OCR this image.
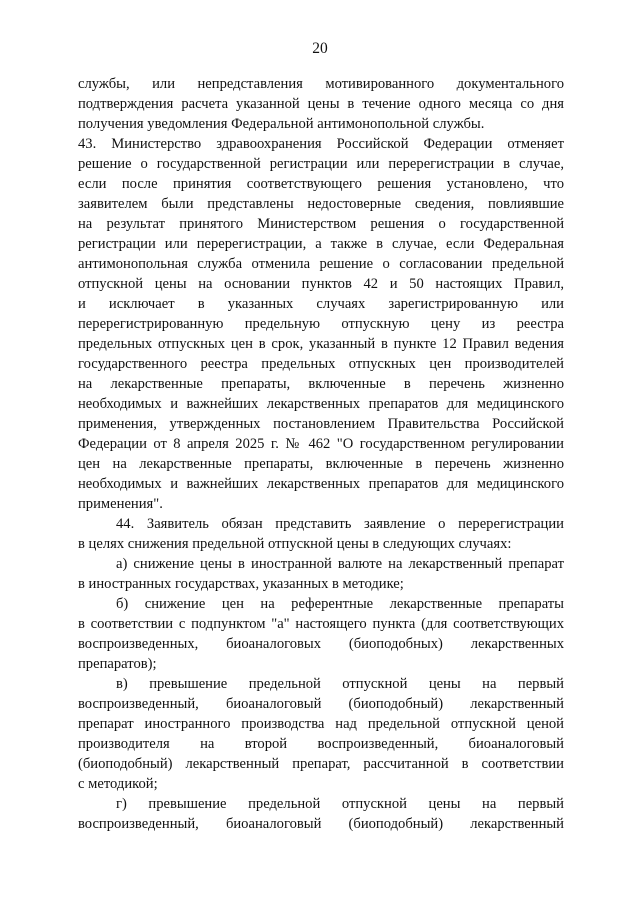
20
службы, или непредставления мотивированного документального
подтверждения расчета указанной цены в течение одного месяца со дня
получения уведомления Федеральной антимонопольной службы.
43. Министерство здравоохранения Российской Федерации отменяет
решение о государственной регистрации или перерегистрации в случае,
если после принятия соответствующего решения установлено, что
заявителем были представлены недостоверные сведения, повлиявшие
на результат принятого Министерством решения о государственной
регистрации или перерегистрации, а также в случае, если Федеральная
антимонопольная служба отменила решение о согласовании предельной
отпускной цены на основании пунктов 42 и 50 настоящих Правил,
и исключает в указанных случаях зарегистрированную или
перерегистрированную предельную отпускную цену из реестра
предельных отпускных цен в срок, указанный в пункте 12 Правил ведения
государственного реестра предельных отпускных цен производителей
на лекарственные препараты, включенные в перечень жизненно
необходимых и важнейших лекарственных препаратов для медицинского
применения, утвержденных постановлением Правительства Российской
Федерации от 8 апреля 2025 г. № 462 "О государственном регулировании
цен на лекарственные препараты, включенные в перечень жизненно
необходимых и важнейших лекарственных препаратов для медицинского
применения".
44. Заявитель обязан представить заявление о перерегистрации
в целях снижения предельной отпускной цены в следующих случаях:
а) снижение цены в иностранной валюте на лекарственный препарат
в иностранных государствах, указанных в методике;
б) снижение цен на референтные лекарственные препараты
в соответствии с подпунктом "а" настоящего пункта (для соответствующих
воспроизведенных, биоаналоговых (биоподобных) лекарственных
препаратов);
в) превышение предельной отпускной цены на первый
воспроизведенный, биоаналоговый (биоподобный) лекарственный
препарат иностранного производства над предельной отпускной ценой
производителя на второй воспроизведенный, биоаналоговый
(биоподобный) лекарственный препарат, рассчитанной в соответствии
с методикой;
г) превышение предельной отпускной цены на первый
воспроизведенный, биоаналоговый (биоподобный) лекарственный
